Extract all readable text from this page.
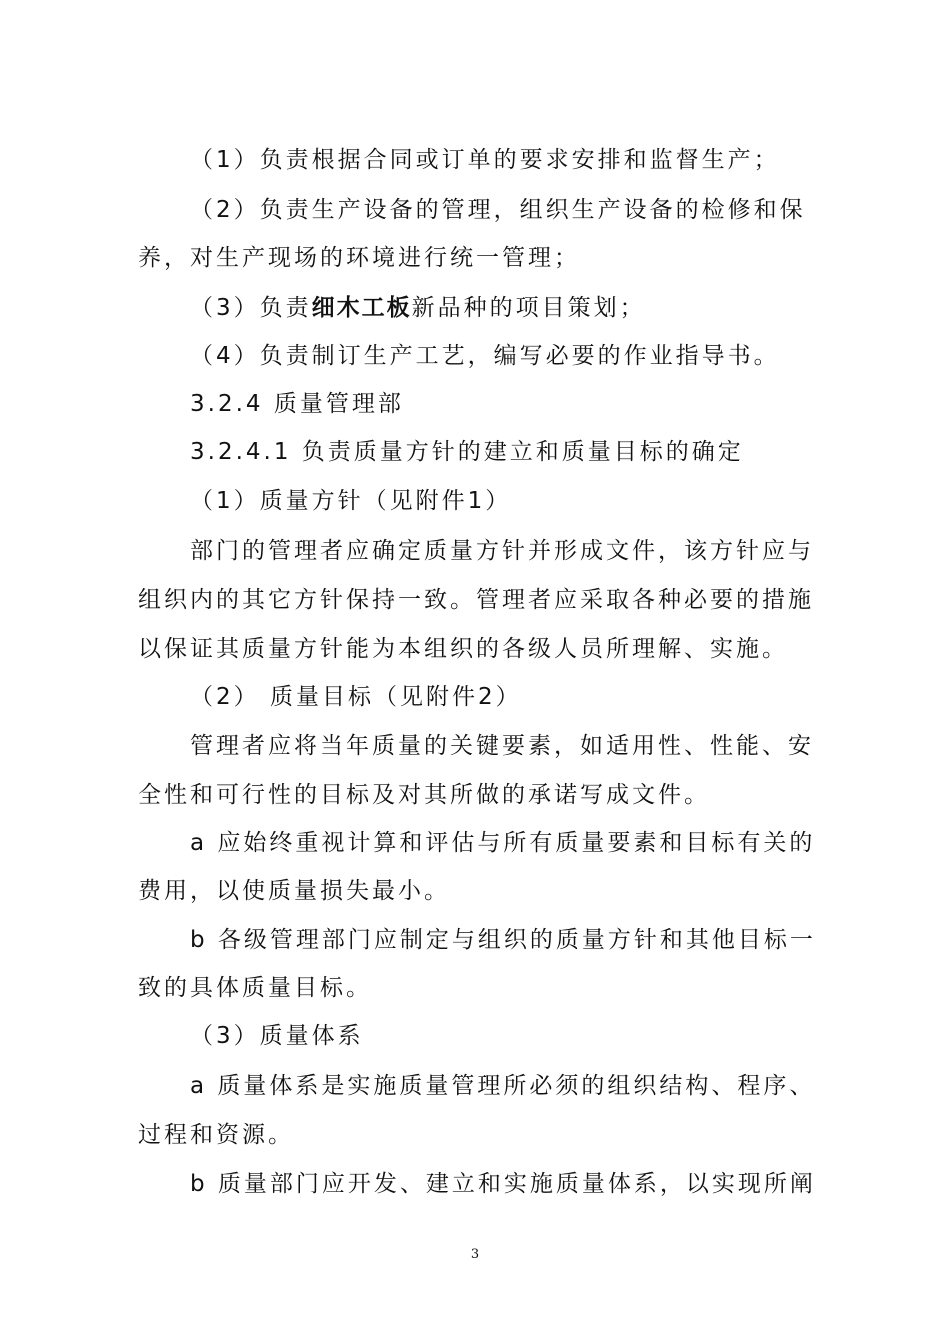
（1）负责根据合同或订单的要求安排和监督生产；
（2）负责生产设备的管理，组织生产设备的检修和保
养，对生产现场的环境进行统一管理；
（3）负责细木工板新品种的项目策划；
（4）负责制订生产工艺，编写必要的作业指导书。
3.2.4 质量管理部
3.2.4.1 负责质量方针的建立和质量目标的确定
（1）质量方针（见附件1）
部门的管理者应确定质量方针并形成文件，该方针应与
组织内的其它方针保持一致。管理者应采取各种必要的措施
以保证其质量方针能为本组织的各级人员所理解、实施。
（2） 质量目标（见附件2）
管理者应将当年质量的关键要素，如适用性、性能、安
全性和可行性的目标及对其所做的承诺写成文件。
a 应始终重视计算和评估与所有质量要素和目标有关的
费用，以使质量损失最小。
b 各级管理部门应制定与组织的质量方针和其他目标一
致的具体质量目标。
（3）质量体系
a 质量体系是实施质量管理所必须的组织结构、程序、
过程和资源。
b 质量部门应开发、建立和实施质量体系，以实现所阐
3
